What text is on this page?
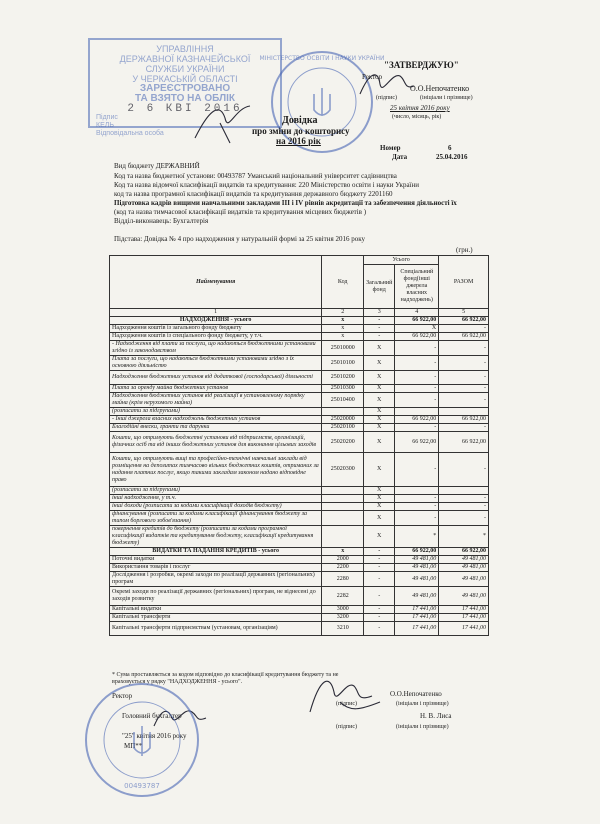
УПРАВЛІННЯ
ДЕРЖАВНОЇ КАЗНАЧЕЙСЬКОЇ
СЛУЖБИ УКРАЇНИ
У ЧЕРКАСЬКІЙ ОБЛАСТІ
ЗАРЕЄСТРОВАНО
ТА ВЗЯТО НА ОБЛІК
2 6 КВІ 2016
Підпис
КЕЛЬ
Відповідальна особа
МІНІСТЕРСТВО ОСВІТИ І НАУКИ УКРАЇНИ
"ЗАТВЕРДЖУЮ"
Ректор
О.О.Непочатенко
(підпис)	(ініціали і прізвище)
25 квітня 2016 року
(число, місяць, рік)
Довідка
про зміни до кошторису
на 2016 рік
Номер	6
Дата	25.04.2016
Вид бюджету ДЕРЖАВНИЙ
Код та назва бюджетної установи: 00493787 Уманський національний університет садівництва
Код та назва відомчої класифікації видатків та кредитування: 220 Міністерство освіти і науки України
код та назва програмної класифікації видатків та кредитування державного бюджету 2201160
Підготовка кадрів вищими навчальними закладами ІІІ і ІV рівнів акредитації та забезпечення діяльності їх
(код та назва тимчасової класифікації видатків та кредитування місцевих бюджетів )
Відділ-виконавець: Бухгалтерія
Підстава: Довідка № 4 про надходження у натуральній формі за 25 квітня 2016 року
(грн.)
Найменування	Код	Усього		РАЗОМ
		Загальний фонд	Спеціальний фонд(інші джерела власних надходжень)	
1	2	3	4	5
НАДХОДЖЕННЯ - усього	х	-	66 922,00	66 922,00
Надходження коштів із загального фонду бюджету	х	-	Х	-
Надходження коштів із спеціального фонду бюджету, у т.ч.	х	-	66 922,00	66 922,00
- Надходження від плати за послуги, що надаються бюджетними установами згідно із законодавством	25010000	Х	-	-
Плата за послуги, що надаються бюджетними установами згідно з їх основною діяльністю	25010100	Х	-	-
Надходження бюджетних установ від додаткової (господарської) діяльності	25010200	Х	-	-
Плата за оренду майна бюджетних установ	25010300	Х	-	-
Надходження бюджетних установ від реалізації в установленому порядку майна (крім нерухомого майна)	25010400	Х	-	-
(розписати за підгрупами)		Х		
- Інші джерела власних надходжень бюджетних установ	25020000	Х	66 922,00	66 922,00
Благодійні внески, гранти та дарунки	25020100	Х	-	-
Кошти, що отримують бюджетні установи від підприємств, організацій, фізичних осіб та від інших бюджетних установ для виконання цільових заходів	25020200	Х	66 922,00	66 922,00
Кошти, що отримують вищі та професійно-технічні навчальні заклади від розміщення на депозитах тимчасово вільних бюджетних коштів, отриманих за надання платних послуг, якщо такими закладам законом надано відповідне право	25020300	Х	-	-
(розписати за підгрупами)		Х		
інші надходження, у т.ч.		Х	-	-
інші доходи (розписати за кодами класифікації доходів бюджету)		Х	-	-
фінансування (розписати за кодами класифікації фінансування бюджету за типом боргового зобов'язання)		Х	-	-
повернення кредитів до бюджету (розписати за кодами програмної класифікації видатків та кредитування бюджету, класифікації кредитування бюджету)		Х	*	*
ВИДАТКИ ТА НАДАННЯ КРЕДИТІВ - усього	х	-	66 922,00	66 922,00
Поточні видатки	2000	-	49 481,00	49 481,00
Використання товарів і послуг	2200	-	49 481,00	49 481,00
Дослідження і розробки, окремі заходи по реалізації державних (регіональних) програм	2280	-	49 481,00	49 481,00
Окремі заходи по реалізації державних (регіональних) програм, не віднесені до заходів розвитку	2282	-	49 481,00	49 481,00
Капітальні видатки	3000	-	17 441,00	17 441,00
Капітальні трансферти	3200	-	17 441,00	17 441,00
Капітальні трансферти підприємствам (установам, організаціям)	3210	-	17 441,00	17 441,00
* Сума проставляється за кодом відповідно до класифікації кредитування бюджету та не
враховується у рядку "НАДХОДЖЕННЯ - усього".
Ректор	О.О.Непочатенко
(підпис)	(ініціали і прізвище)
Головний бухгалтер	Н. В. Лиса
(підпис)	(ініціали і прізвище)
"25" квітня 2016 року
МП**
00493787
